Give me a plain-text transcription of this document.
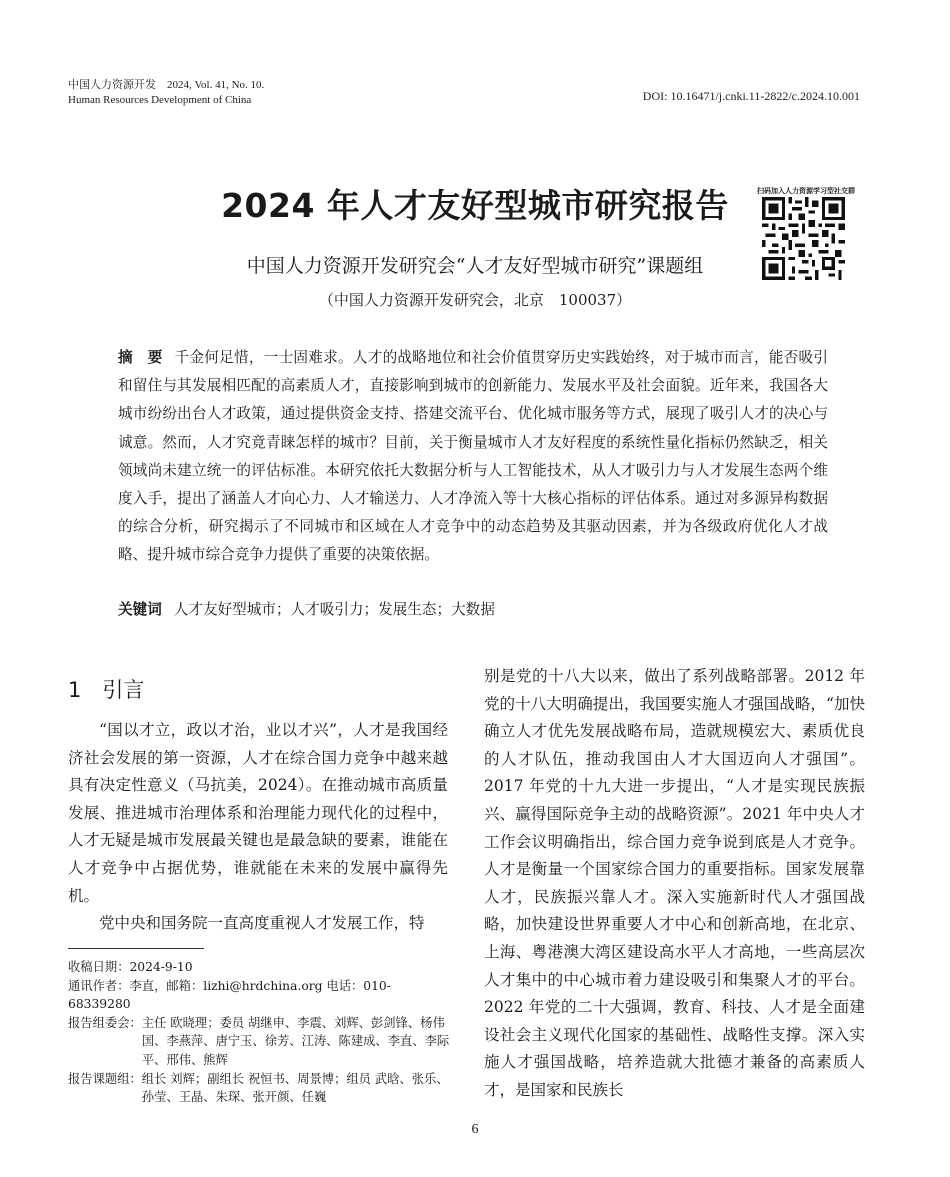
中国人力资源开发　2024, Vol. 41, No. 10.
Human Resources Development of China	DOI: 10.16471/j.cnki.11-2822/c.2024.10.001
2024 年人才友好型城市研究报告
中国人力资源开发研究会“人才友好型城市研究”课题组
（中国人力资源开发研究会，北京　100037）
扫码加入人力资源学习型社交群
摘　要 千金何足惜，一士固难求。人才的战略地位和社会价值贯穿历史实践始终，对于城市而言，能否吸引和留住与其发展相匹配的高素质人才，直接影响到城市的创新能力、发展水平及社会面貌。近年来，我国各大城市纷纷出台人才政策，通过提供资金支持、搭建交流平台、优化城市服务等方式，展现了吸引人才的决心与诚意。然而，人才究竟青睐怎样的城市？目前，关于衡量城市人才友好程度的系统性量化指标仍然缺乏，相关领域尚未建立统一的评估标准。本研究依托大数据分析与人工智能技术，从人才吸引力与人才发展生态两个维度入手，提出了涵盖人才向心力、人才输送力、人才净流入等十大核心指标的评估体系。通过对多源异构数据的综合分析，研究揭示了不同城市和区域在人才竞争中的动态趋势及其驱动因素，并为各级政府优化人才战略、提升城市综合竞争力提供了重要的决策依据。
关键词 人才友好型城市；人才吸引力；发展生态；大数据
1　引言

“国以才立，政以才治，业以才兴”，人才是我国经济社会发展的第一资源，人才在综合国力竞争中越来越具有决定性意义（马抗美，2024）。在推动城市高质量发展、推进城市治理体系和治理能力现代化的过程中，人才无疑是城市发展最关键也是最急缺的要素，谁能在人才竞争中占据优势，谁就能在未来的发展中赢得先机。

党中央和国务院一直高度重视人才发展工作，特

别是党的十八大以来，做出了系列战略部署。2012 年党的十八大明确提出，我国要实施人才强国战略，“加快确立人才优先发展战略布局，造就规模宏大、素质优良的人才队伍，推动我国由人才大国迈向人才强国”。2017 年党的十九大进一步提出，“人才是实现民族振兴、赢得国际竞争主动的战略资源”。2021 年中央人才工作会议明确指出，综合国力竞争说到底是人才竞争。人才是衡量一个国家综合国力的重要指标。国家发展靠人才，民族振兴靠人才。深入实施新时代人才强国战略，加快建设世界重要人才中心和创新高地，在北京、上海、粤港澳大湾区建设高水平人才高地，一些高层次人才集中的中心城市着力建设吸引和集聚人才的平台。2022 年党的二十大强调，教育、科技、人才是全面建设社会主义现代化国家的基础性、战略性支撑。深入实施人才强国战略，培养造就大批德才兼备的高素质人才，是国家和民族长

收稿日期：2024-9-10
通讯作者：李直，邮箱：lizhi@hrdchina.org 电话：010-68339280
报告组委会： 主任 欧晓理；委员 胡继申、李震、刘辉、彭剑锋、杨伟国、李燕萍、唐宁玉、徐芳、江涛、陈建成、李直、李际平、邢伟、熊辉
报告课题组： 组长 刘辉；副组长 祝恒书、周景博；组员 武晗、张乐、孙莹、王晶、朱琛、张开颜、任巍
6
